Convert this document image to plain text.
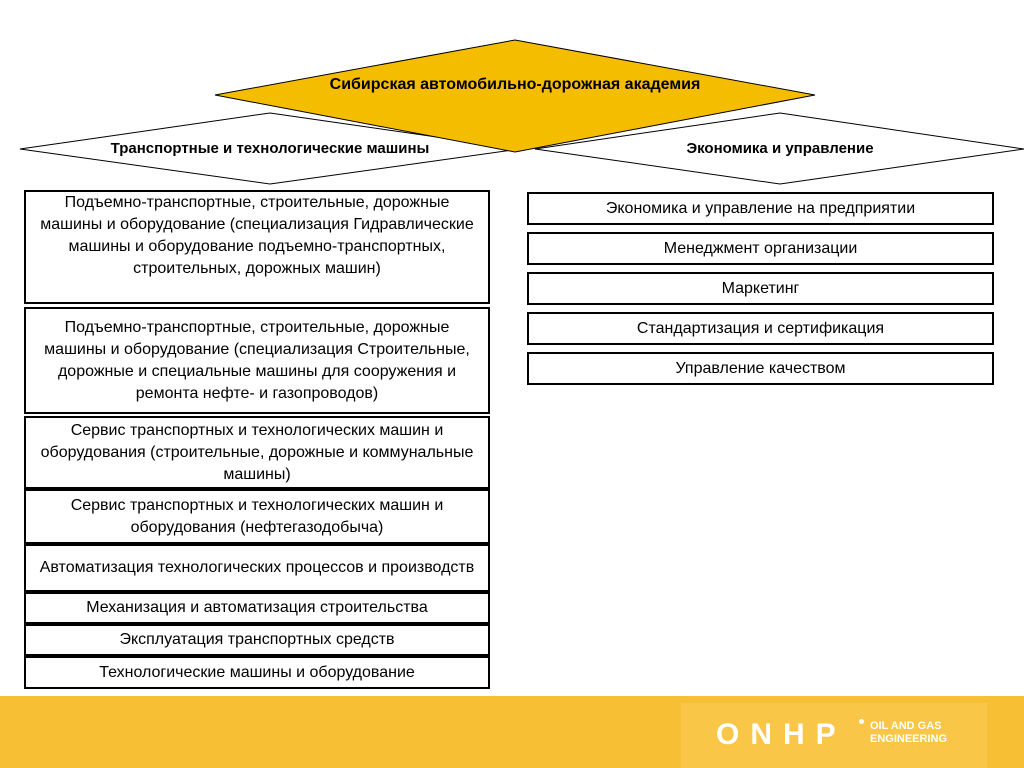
Сибирская автомобильно-дорожная академия
Транспортные и технологические машины	Экономика и управление
Подъемно-транспортные, строительные, дорожные машины и оборудование (специализация Гидравлические машины и оборудование подъемно-транспортных, строительных, дорожных машин)
Подъемно-транспортные, строительные, дорожные машины и оборудование (специализация Строительные, дорожные и специальные машины для сооружения и ремонта нефте- и газопроводов)
Сервис транспортных и технологических машин и оборудования (строительные, дорожные и коммунальные машины)
Сервис транспортных и технологических машин и оборудования (нефтегазодобыча)
Автоматизация технологических процессов и производств
Механизация и автоматизация строительства
Эксплуатация транспортных средств
Технологические машины и оборудование
Экономика и управление на предприятии
Менеджмент организации
Маркетинг
Стандартизация и сертификация
Управление качеством
ONHP OIL AND GAS
ENGINEERING
